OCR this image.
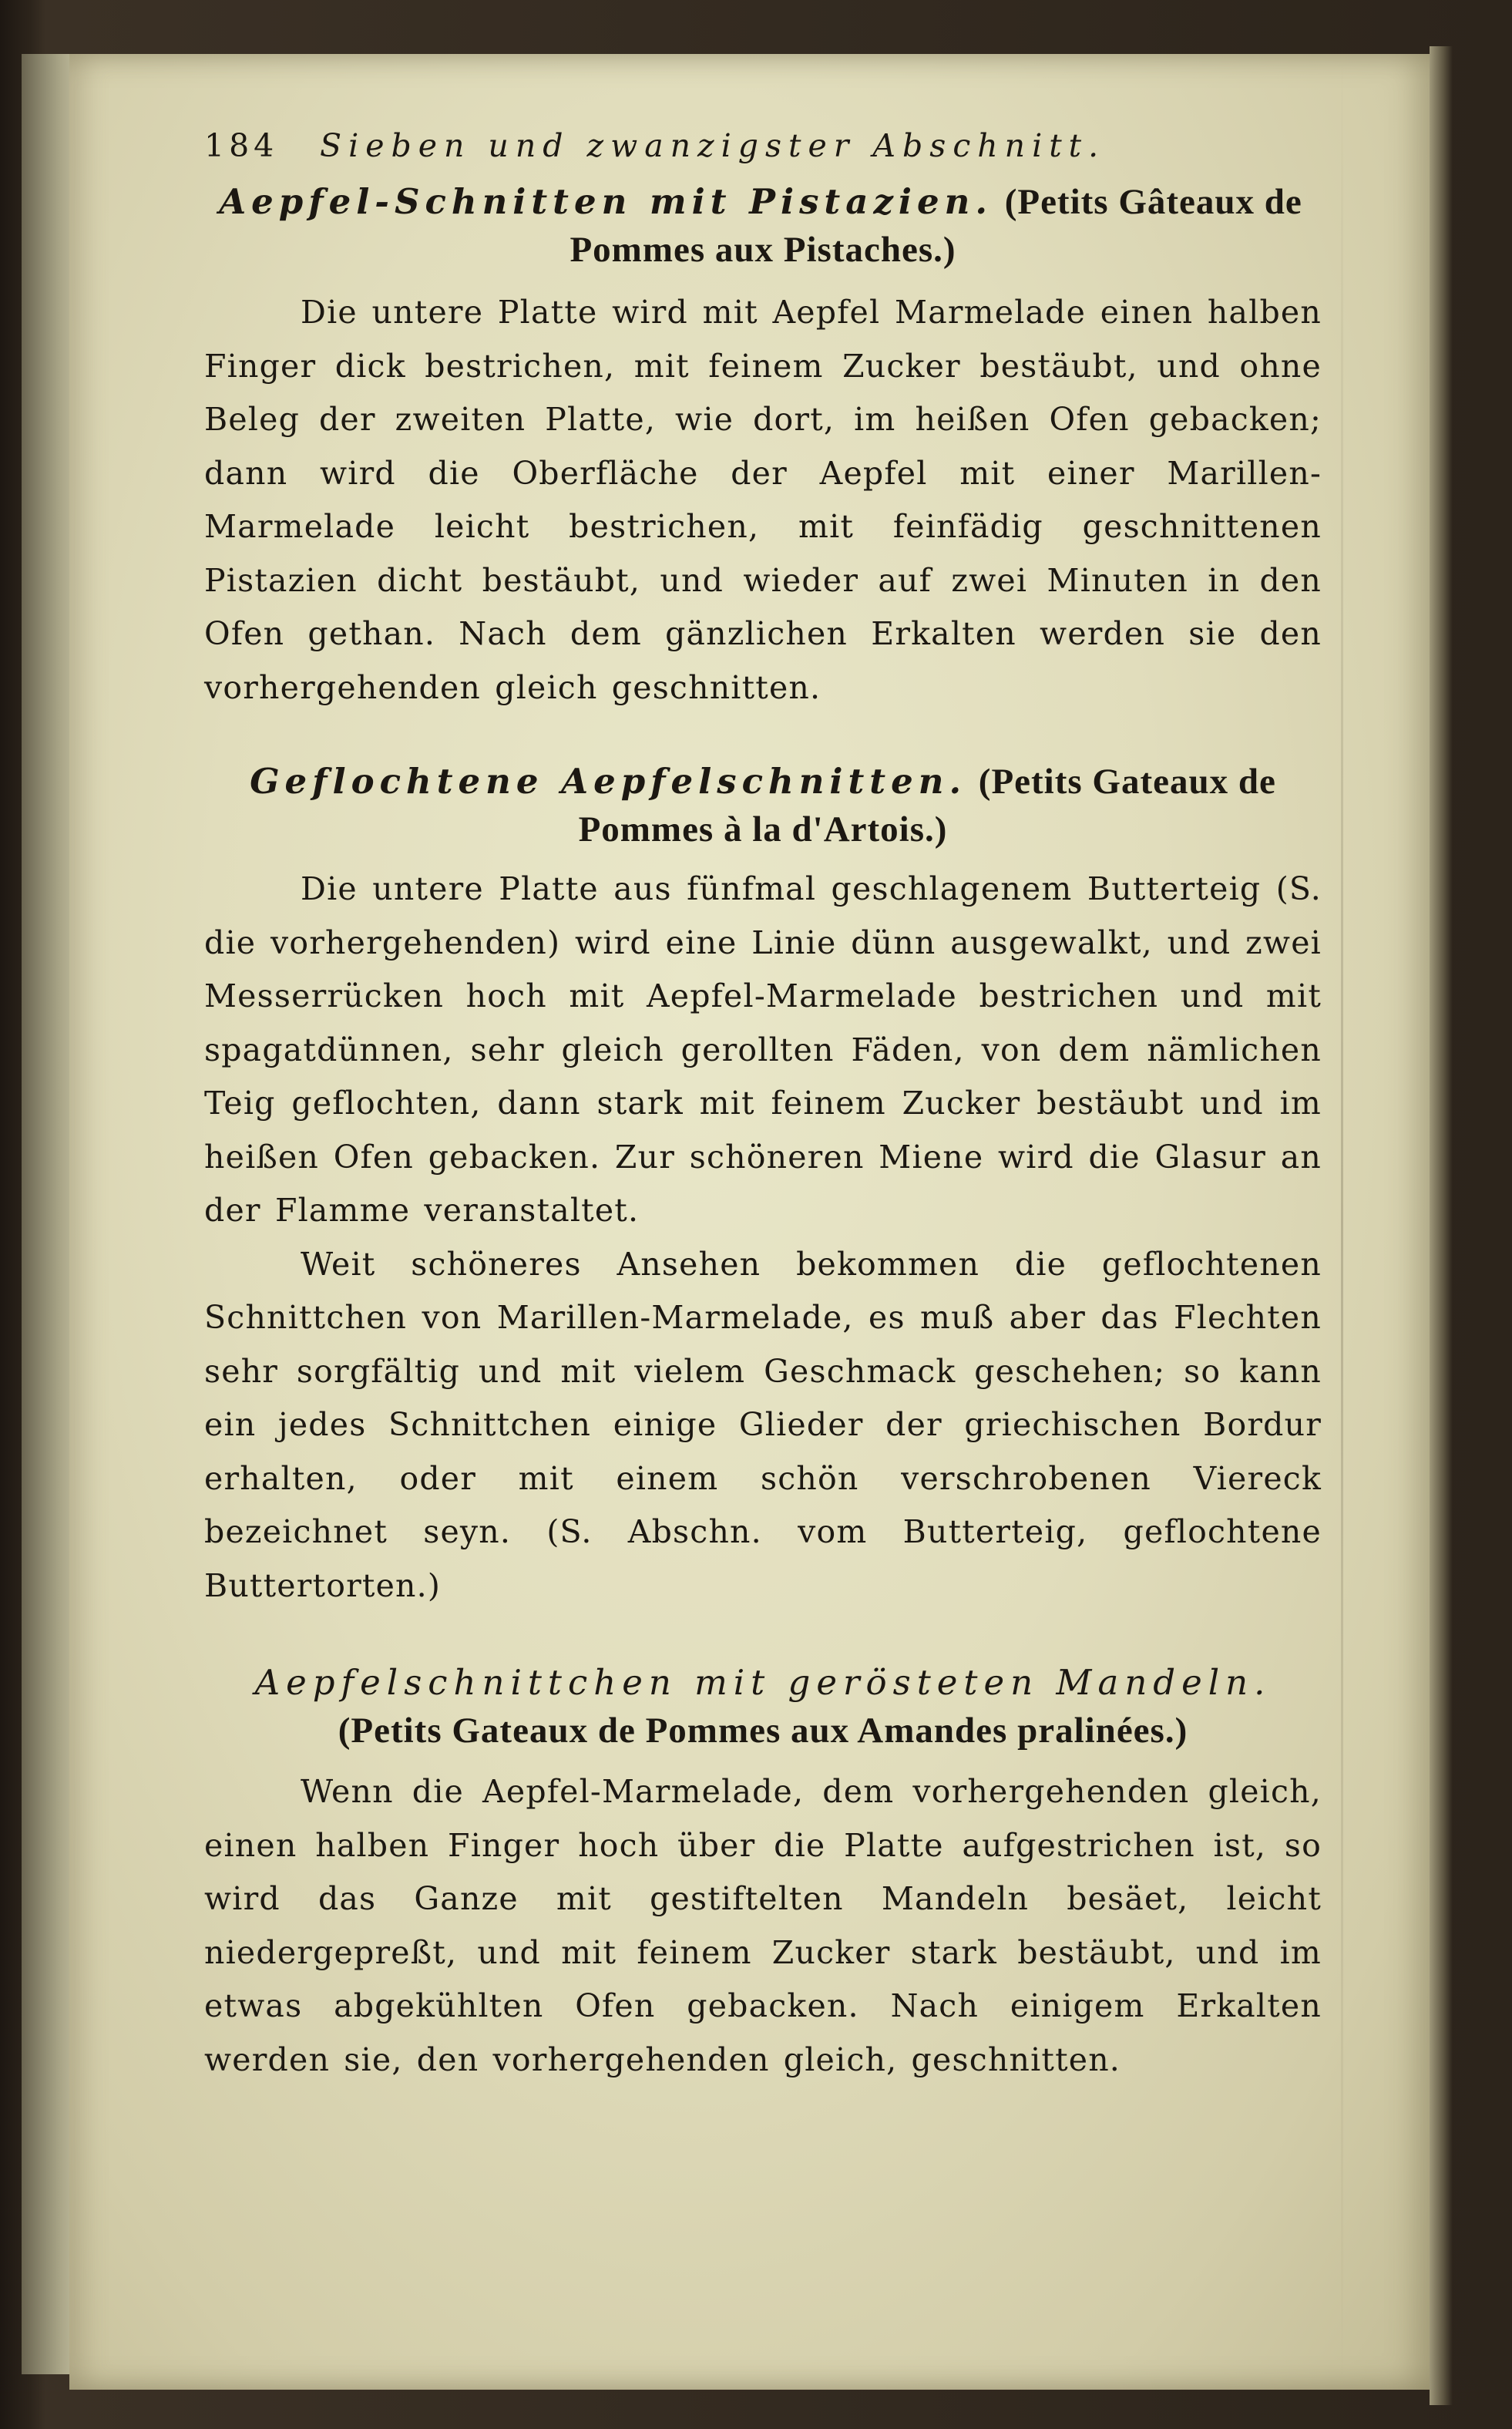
184	Sieben und zwanzigster Abschnitt.
Aepfel-Schnitten mit Pistazien. (Petits Gâteaux de Pommes aux Pistaches.)

Die untere Platte wird mit Aepfel Marmelade einen halben Finger dick bestrichen, mit feinem Zucker bestäubt, und ohne Beleg der zweiten Platte, wie dort, im heißen Ofen gebacken; dann wird die Oberfläche der Aepfel mit einer Marillen-Marmelade leicht bestrichen, mit feinfädig geschnittenen Pistazien dicht bestäubt, und wieder auf zwei Minuten in den Ofen gethan. Nach dem gänzlichen Erkalten werden sie den vorhergehenden gleich geschnitten.

Geflochtene Aepfelschnitten. (Petits Gateaux de Pommes à la d'Artois.)

Die untere Platte aus fünfmal geschlagenem Butterteig (S. die vorhergehenden) wird eine Linie dünn ausgewalkt, und zwei Messerrücken hoch mit Aepfel-Marmelade bestrichen und mit spagatdünnen, sehr gleich gerollten Fäden, von dem nämlichen Teig geflochten, dann stark mit feinem Zucker bestäubt und im heißen Ofen gebacken. Zur schöneren Miene wird die Glasur an der Flamme veranstaltet.

Weit schöneres Ansehen bekommen die geflochtenen Schnittchen von Marillen-Marmelade, es muß aber das Flechten sehr sorgfältig und mit vielem Geschmack geschehen; so kann ein jedes Schnittchen einige Glieder der griechischen Bordur erhalten, oder mit einem schön verschrobenen Viereck bezeichnet seyn. (S. Abschn. vom Butterteig, geflochtene Buttertorten.)

Aepfelschnittchen mit gerösteten Mandeln.
(Petits Gateaux de Pommes aux Amandes pralinées.)

Wenn die Aepfel-Marmelade, dem vorhergehenden gleich, einen halben Finger hoch über die Platte aufgestrichen ist, so wird das Ganze mit gestiftelten Mandeln besäet, leicht niedergepreßt, und mit feinem Zucker stark bestäubt, und im etwas abgekühlten Ofen gebacken. Nach einigem Erkalten werden sie, den vorhergehenden gleich, geschnitten.
